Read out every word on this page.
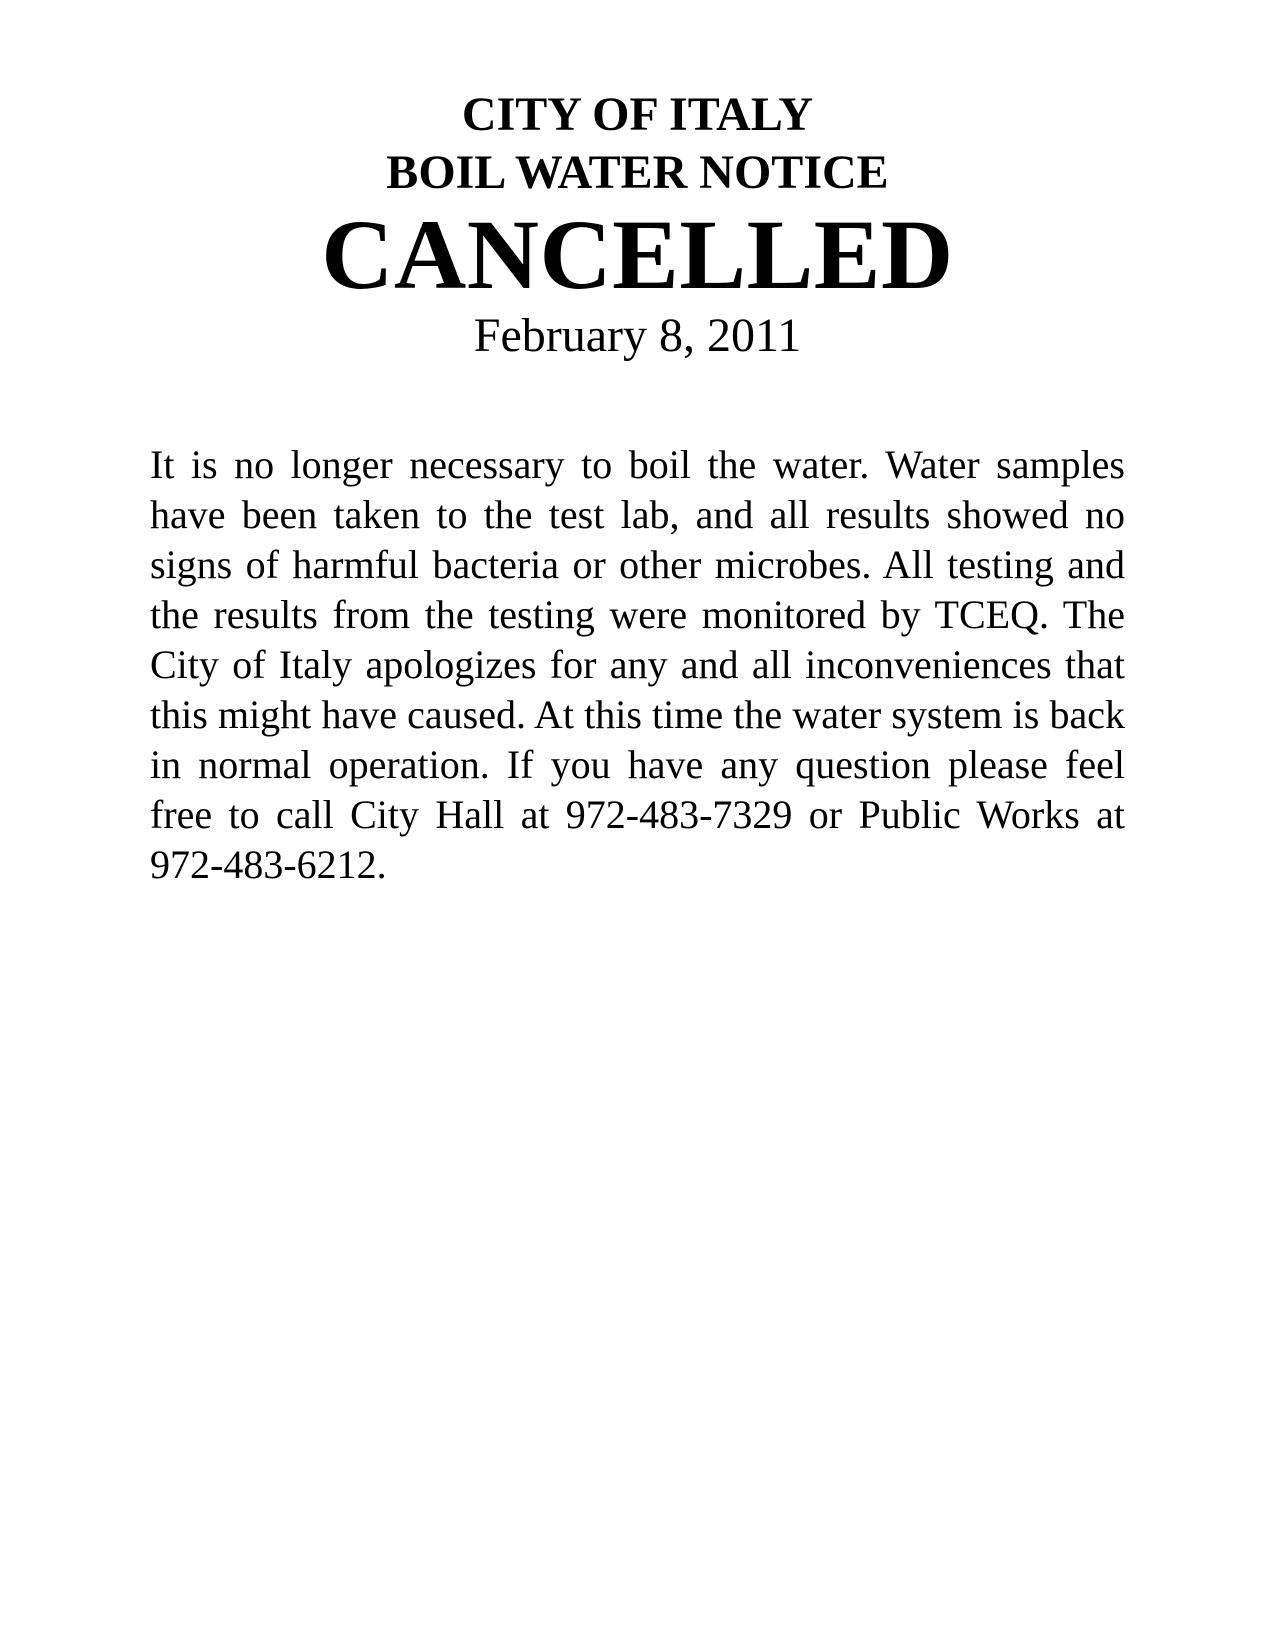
CITY OF ITALY
BOIL WATER NOTICE
CANCELLED
February 8, 2011

It is no longer necessary to boil the water. Water samples have been taken to the test lab, and all results showed no signs of harmful bacteria or other microbes. All testing and the results from the testing were monitored by TCEQ. The City of Italy apologizes for any and all inconveniences that this might have caused. At this time the water system is back in normal operation. If you have any question please feel free to call City Hall at 972-483-7329 or Public Works at 972-483-6212.
